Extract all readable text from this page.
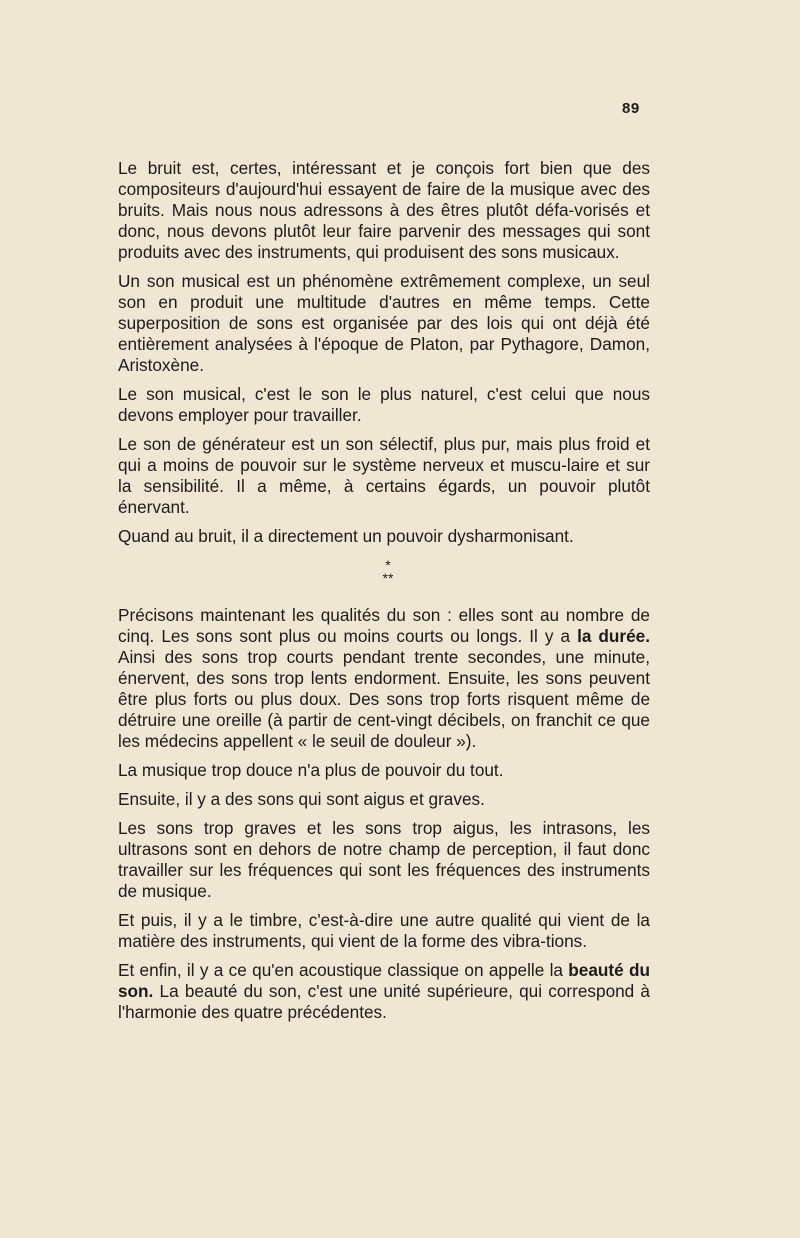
89

Le bruit est, certes, intéressant et je conçois fort bien que des compositeurs d'aujourd'hui essayent de faire de la musique avec des bruits. Mais nous nous adressons à des êtres plutôt défa-vorisés et donc, nous devons plutôt leur faire parvenir des messages qui sont produits avec des instruments, qui produisent des sons musicaux.

Un son musical est un phénomène extrêmement complexe, un seul son en produit une multitude d'autres en même temps. Cette superposition de sons est organisée par des lois qui ont déjà été entièrement analysées à l'époque de Platon, par Pythagore, Damon, Aristoxène.

Le son musical, c'est le son le plus naturel, c'est celui que nous devons employer pour travailler.

Le son de générateur est un son sélectif, plus pur, mais plus froid et qui a moins de pouvoir sur le système nerveux et muscu-laire et sur la sensibilité. Il a même, à certains égards, un pouvoir plutôt énervant.

Quand au bruit, il a directement un pouvoir dysharmonisant.

*
**

Précisons maintenant les qualités du son : elles sont au nombre de cinq. Les sons sont plus ou moins courts ou longs. Il y a la durée. Ainsi des sons trop courts pendant trente secondes, une minute, énervent, des sons trop lents endorment. Ensuite, les sons peuvent être plus forts ou plus doux. Des sons trop forts risquent même de détruire une oreille (à partir de cent-vingt décibels, on franchit ce que les médecins appellent « le seuil de douleur »).

La musique trop douce n'a plus de pouvoir du tout.

Ensuite, il y a des sons qui sont aigus et graves.

Les sons trop graves et les sons trop aigus, les intrasons, les ultrasons sont en dehors de notre champ de perception, il faut donc travailler sur les fréquences qui sont les fréquences des instruments de musique.

Et puis, il y a le timbre, c'est-à-dire une autre qualité qui vient de la matière des instruments, qui vient de la forme des vibra-tions.

Et enfin, il y a ce qu'en acoustique classique on appelle la beauté du son. La beauté du son, c'est une unité supérieure, qui correspond à l'harmonie des quatre précédentes.
